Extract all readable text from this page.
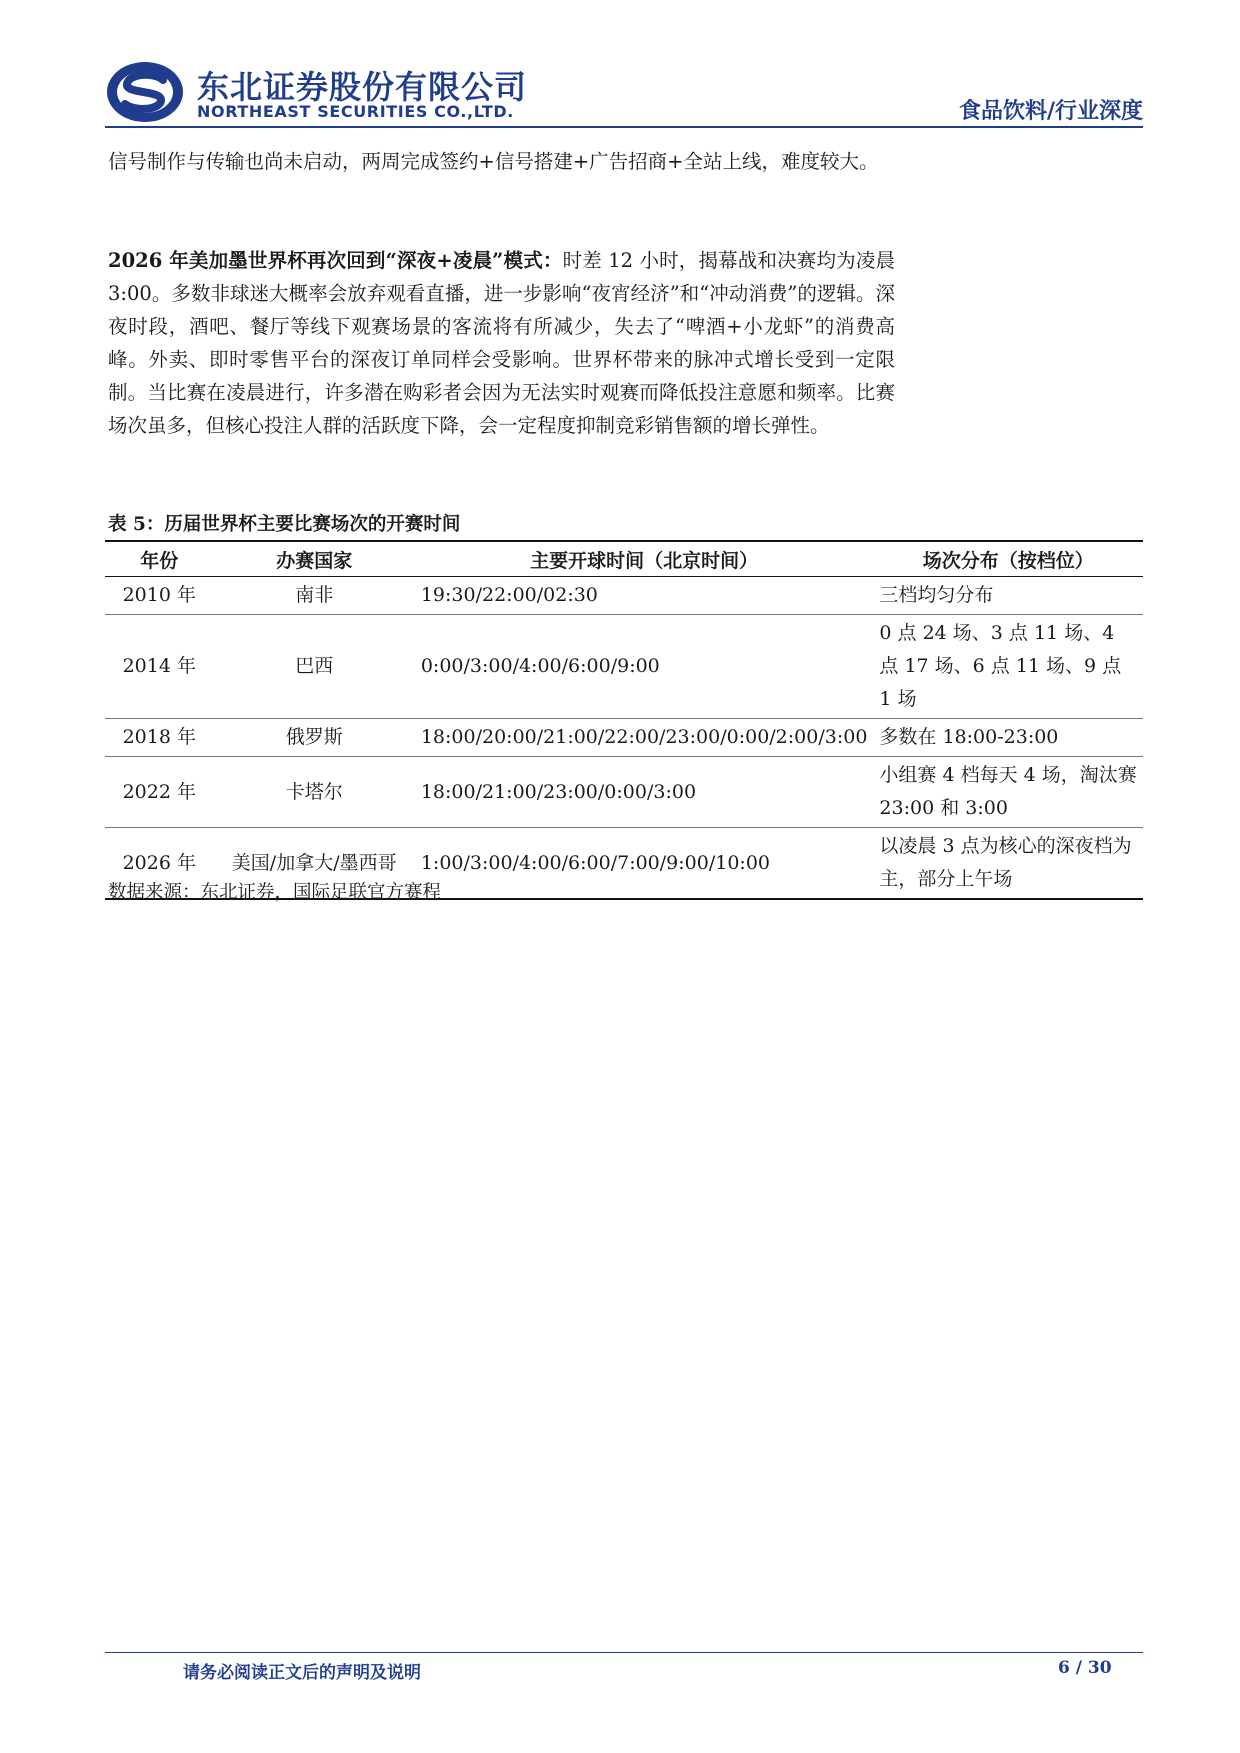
东北证券股份有限公司
NORTHEAST SECURITIES CO.,LTD.	食品饮料/行业深度

信号制作与传输也尚未启动，两周完成签约+信号搭建+广告招商+全站上线，难度较大。

2026 年美加墨世界杯再次回到“深夜+凌晨”模式：时差 12 小时，揭幕战和决赛均为凌晨 3:00。多数非球迷大概率会放弃观看直播，进一步影响“夜宵经济”和“冲动消费”的逻辑。深夜时段，酒吧、餐厅等线下观赛场景的客流将有所减少，失去了“啤酒+小龙虾”的消费高峰。外卖、即时零售平台的深夜订单同样会受影响。世界杯带来的脉冲式增长受到一定限制。当比赛在凌晨进行，许多潜在购彩者会因为无法实时观赛而降低投注意愿和频率。比赛场次虽多，但核心投注人群的活跃度下降，会一定程度抑制竞彩销售额的增长弹性。

表 5：历届世界杯主要比赛场次的开赛时间
年份	办赛国家	主要开球时间（北京时间）	场次分布（按档位）
2010 年	南非	19:30/22:00/02:30	三档均匀分布
2014 年	巴西	0:00/3:00/4:00/6:00/9:00	0 点 24 场、3 点 11 场、4 点 17 场、6 点 11 场、9 点 1 场
2018 年	俄罗斯	18:00/20:00/21:00/22:00/23:00/0:00/2:00/3:00	多数在 18:00-23:00
2022 年	卡塔尔	18:00/21:00/23:00/0:00/3:00	小组赛 4 档每天 4 场，淘汰赛 23:00 和 3:00
2026 年	美国/加拿大/墨西哥	1:00/3:00/4:00/6:00/7:00/9:00/10:00	以凌晨 3 点为核心的深夜档为主，部分上午场
数据来源：东北证券，国际足联官方赛程
请务必阅读正文后的声明及说明	6 / 30
